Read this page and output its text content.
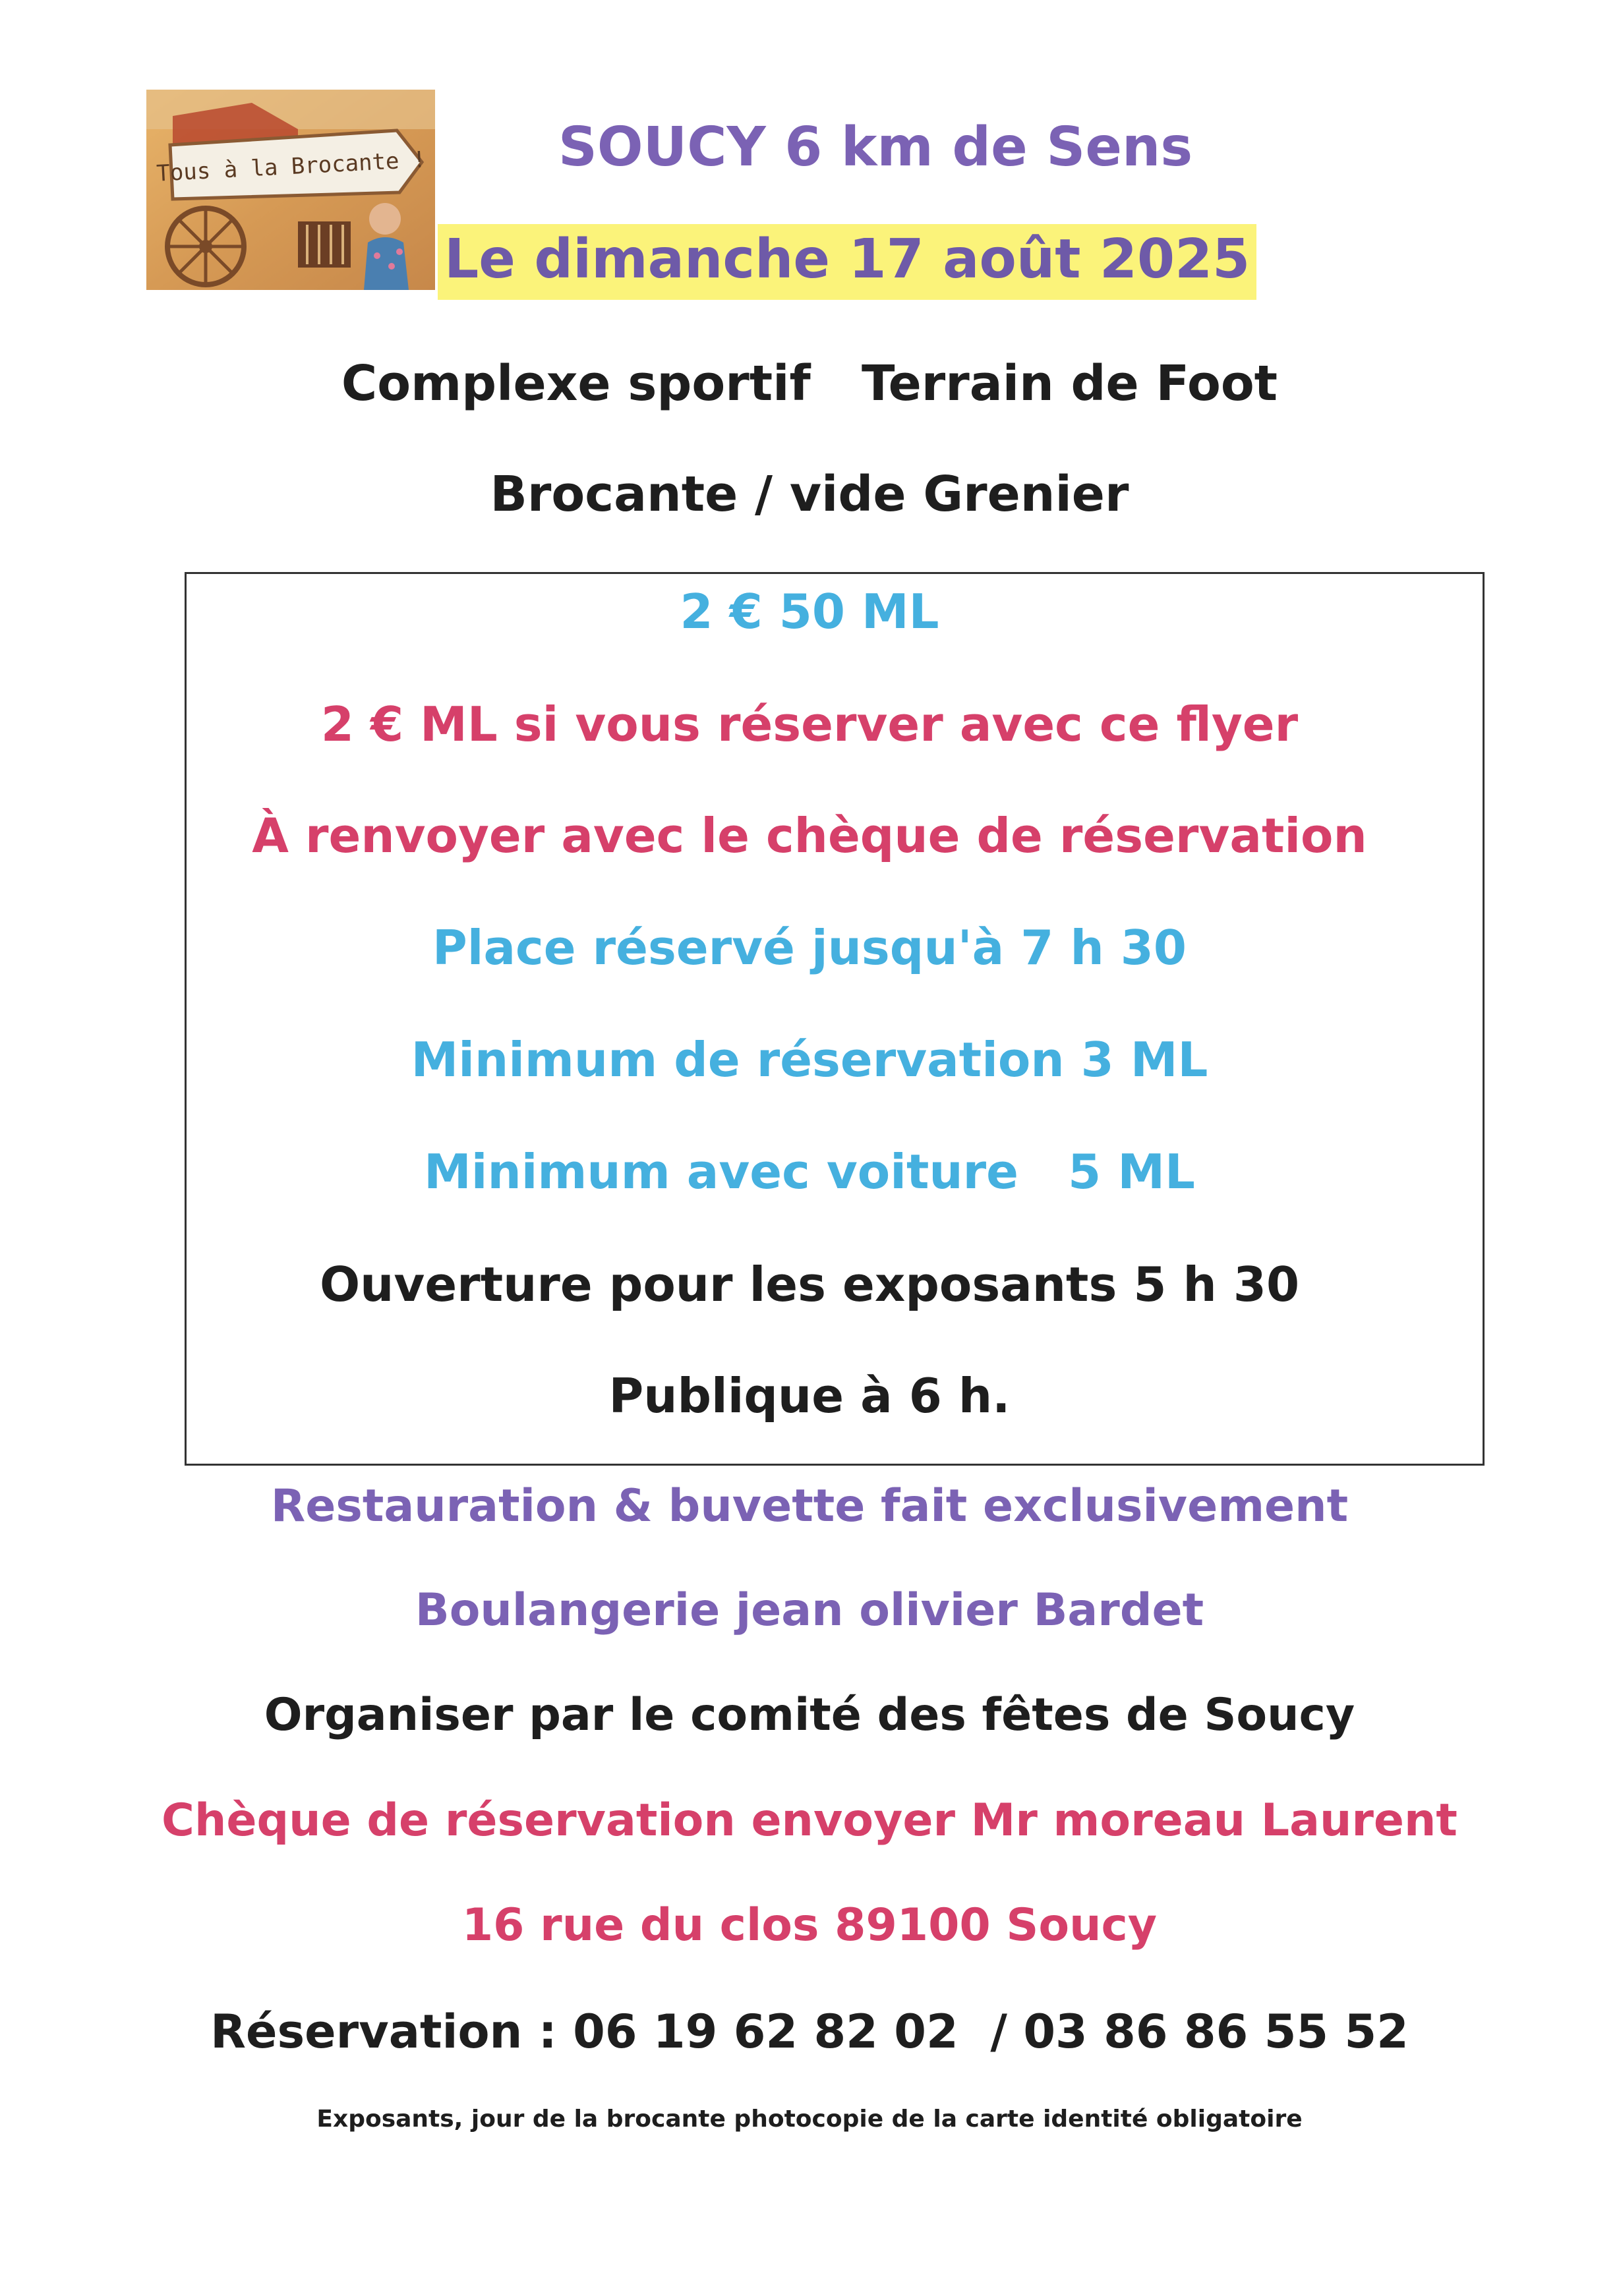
Tous à la Brocante !	SOUCY 6 km de Sens
Le dimanche 17 août 2025
Complexe sportif   Terrain de Foot
Brocante / vide Grenier
2 € 50 ML
2 € ML si vous réserver avec ce flyer
À renvoyer avec le chèque de réservation
Place réservé jusqu'à 7 h 30
Minimum de réservation 3 ML
Minimum avec voiture   5 ML
Ouverture pour les exposants 5 h 30
Publique à 6 h.
Restauration & buvette fait exclusivement
Boulangerie jean olivier Bardet
Organiser par le comité des fêtes de Soucy
Chèque de réservation envoyer Mr moreau Laurent
16 rue du clos 89100 Soucy
Réservation : 06 19 62 82 02  / 03 86 86 55 52
Exposants, jour de la brocante photocopie de la carte identité obligatoire
